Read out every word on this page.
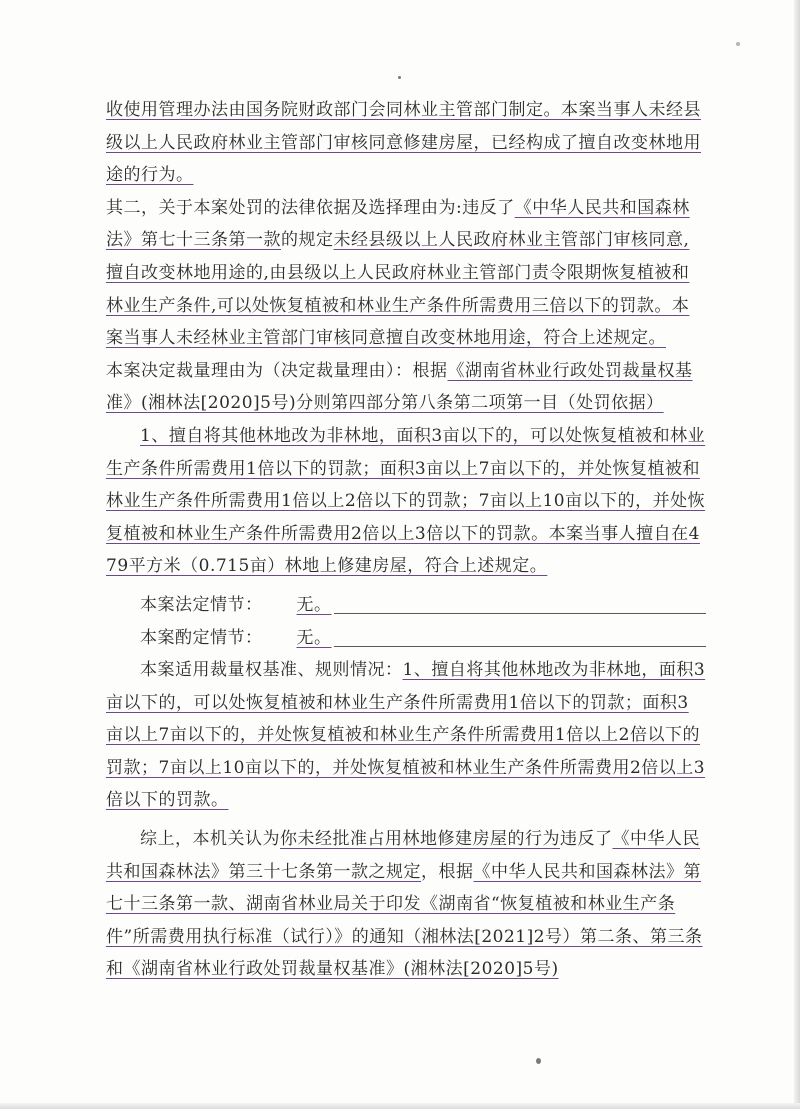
收使用管理办法由国务院财政部门会同林业主管部门制定。本案当事人未经县级以上人民政府林业主管部门审核同意修建房屋，已经构成了擅自改变林地用途的行为。

其二，关于本案处罚的法律依据及选择理由为:违反了《中华人民共和国森林法》第七十三条第一款的规定未经县级以上人民政府林业主管部门审核同意,擅自改变林地用途的,由县级以上人民政府林业主管部门责令限期恢复植被和林业生产条件,可以处恢复植被和林业生产条件所需费用三倍以下的罚款。本案当事人未经林业主管部门审核同意擅自改变林地用途，符合上述规定。

本案决定裁量理由为（决定裁量理由）：根据《湖南省林业行政处罚裁量权基准》(湘林法[2020]5号)分则第四部分第八条第二项第一目（处罚依据）

1、擅自将其他林地改为非林地，面积3亩以下的，可以处恢复植被和林业生产条件所需费用1倍以下的罚款；面积3亩以上7亩以下的，并处恢复植被和林业生产条件所需费用1倍以上2倍以下的罚款；7亩以上10亩以下的，并处恢复植被和林业生产条件所需费用2倍以上3倍以下的罚款。本案当事人擅自在479平方米（0.715亩）林地上修建房屋，符合上述规定。

本案法定情节：	无。

本案酌定情节：	无。

本案适用裁量权基准、规则情况：1、擅自将其他林地改为非林地，面积3亩以下的，可以处恢复植被和林业生产条件所需费用1倍以下的罚款；面积3亩以上7亩以下的，并处恢复植被和林业生产条件所需费用1倍以上2倍以下的罚款；7亩以上10亩以下的，并处恢复植被和林业生产条件所需费用2倍以上3倍以下的罚款。

综上，本机关认为你未经批准占用林地修建房屋的行为违反了《中华人民共和国森林法》第三十七条第一款之规定，根据《中华人民共和国森林法》第七十三条第一款、湖南省林业局关于印发《湖南省“恢复植被和林业生产条件”所需费用执行标准（试行）》的通知（湘林法[2021]2号）第二条、第三条和《湖南省林业行政处罚裁量权基准》(湘林法[2020]5号)
